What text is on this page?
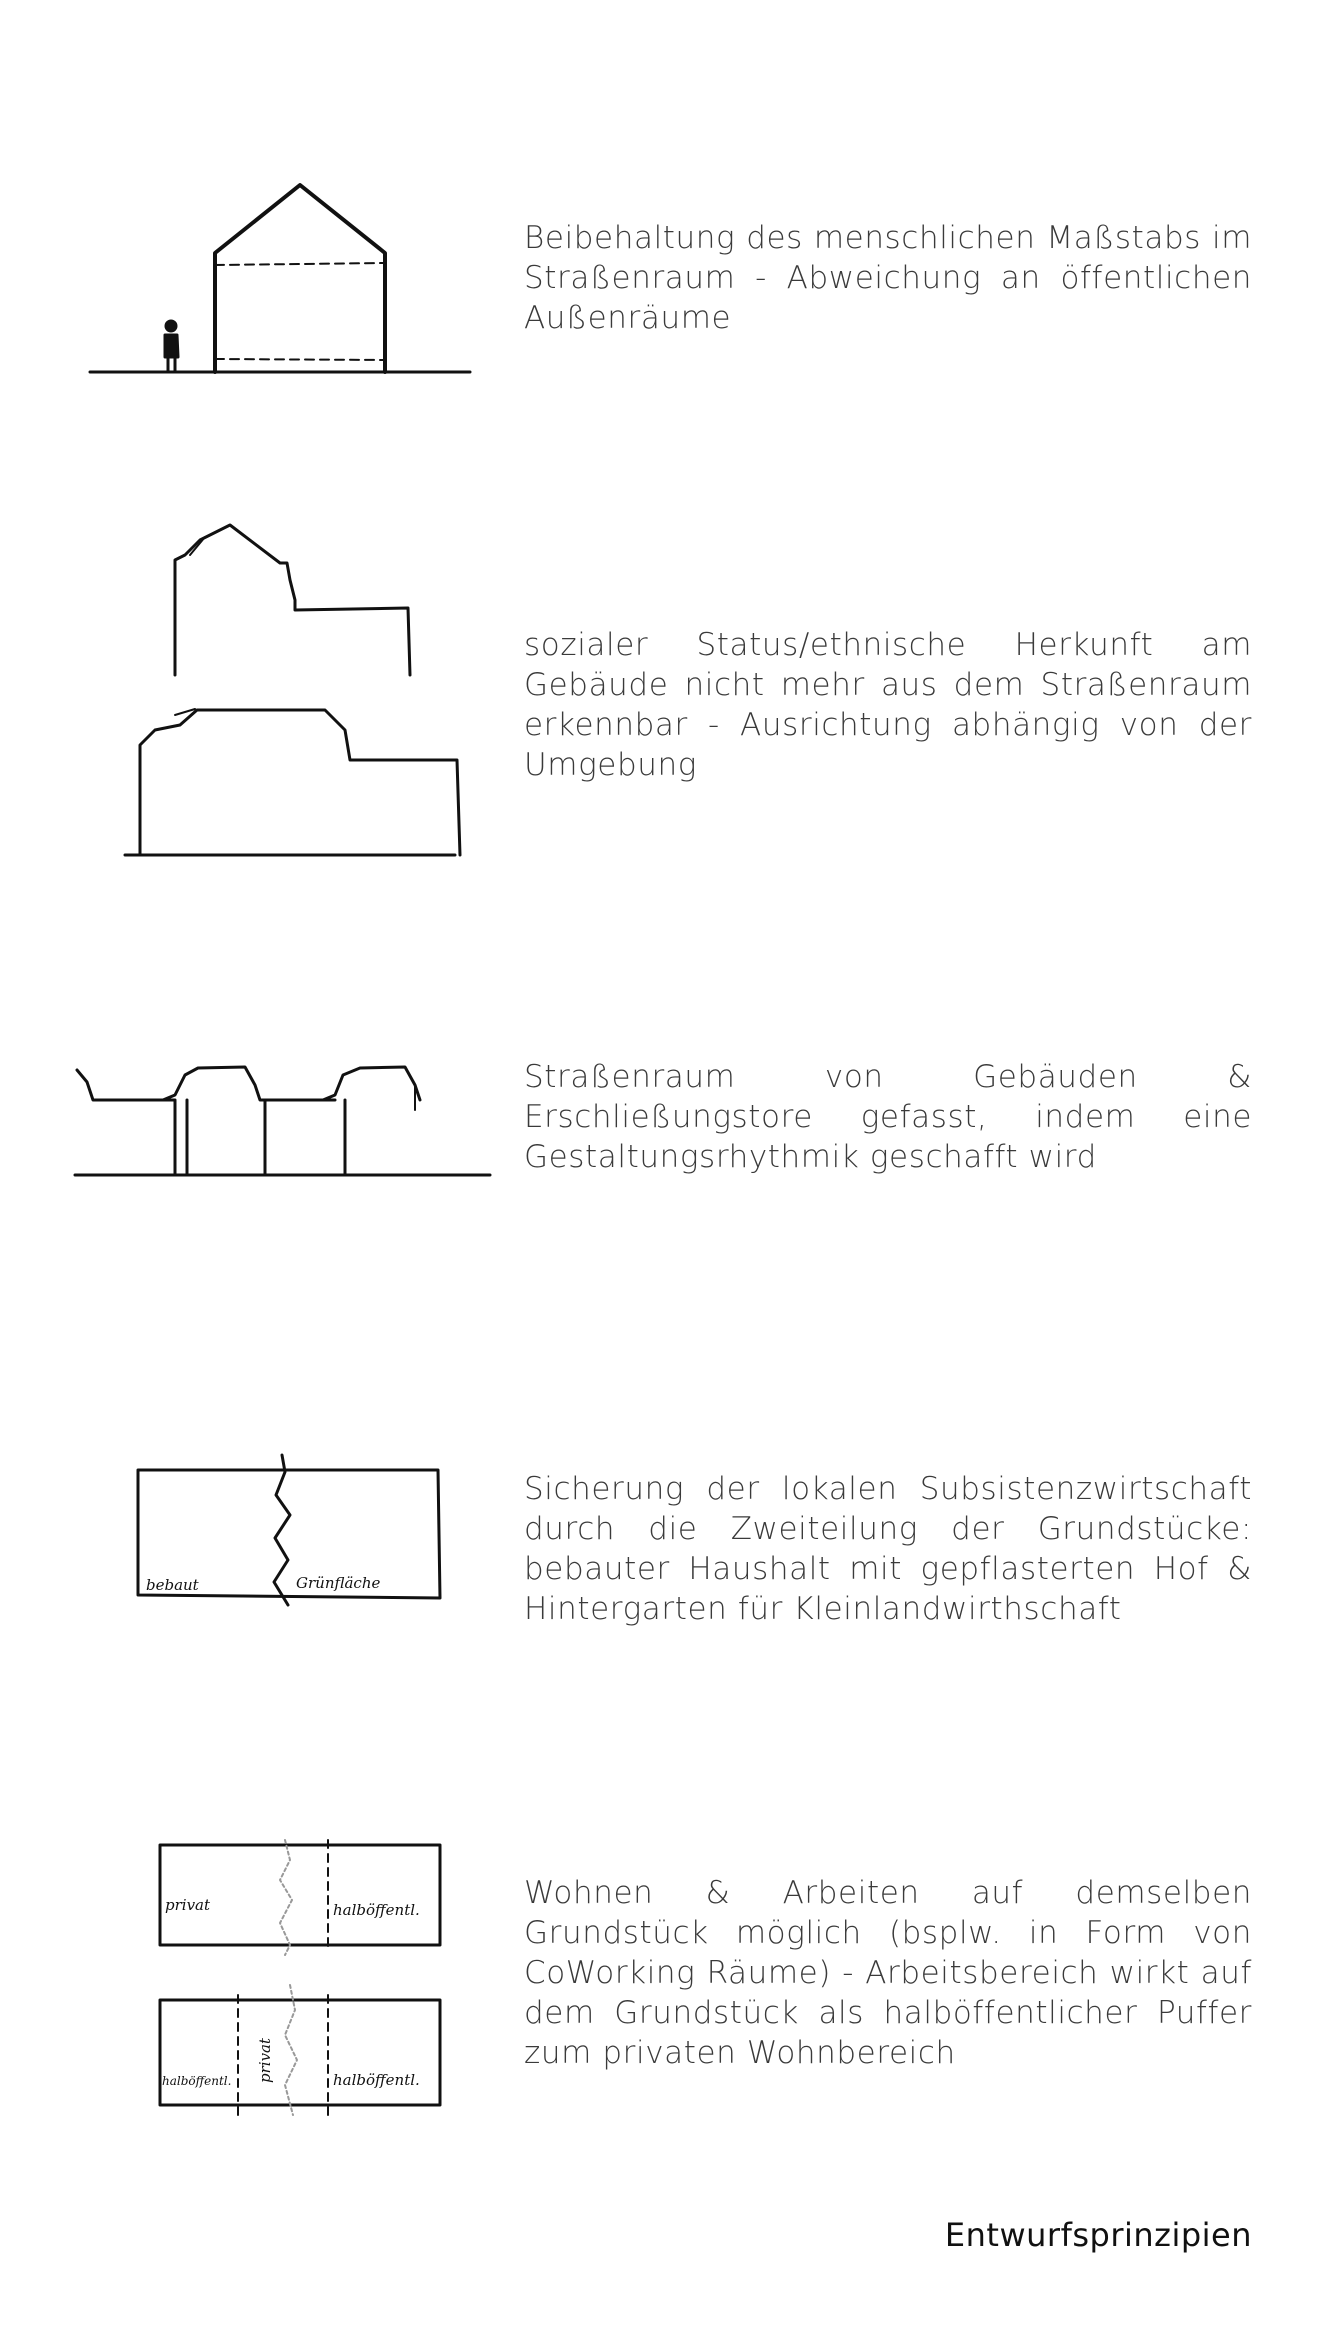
Beibehaltung des menschlichen Maßstabs im Straßenraum - Abweichung an öffentlichen Außenräume
sozialer Status/ethnische Herkunft am Gebäude nicht mehr aus dem Straßenraum erkennbar - Ausrichtung abhängig von der Umgebung
Straßenraum von Gebäuden & Erschließungstore gefasst, indem eine Gestaltungsrhythmik geschafft wird
bebaut	Grünfläche
Sicherung der lokalen Subsistenzwirtschaft durch die Zweiteilung der Grundstücke: bebauter Haushalt mit gepflasterten Hof & Hintergarten für Kleinlandwirthschaft
privat	halböffentl.
halböffentl. privat	halböffentl.
Wohnen & Arbeiten auf demselben Grundstück möglich (bsplw. in Form von CoWorking Räume) - Arbeitsbereich wirkt auf dem Grundstück als halböffentlicher Puffer zum privaten Wohnbereich
Entwurfsprinzipien
